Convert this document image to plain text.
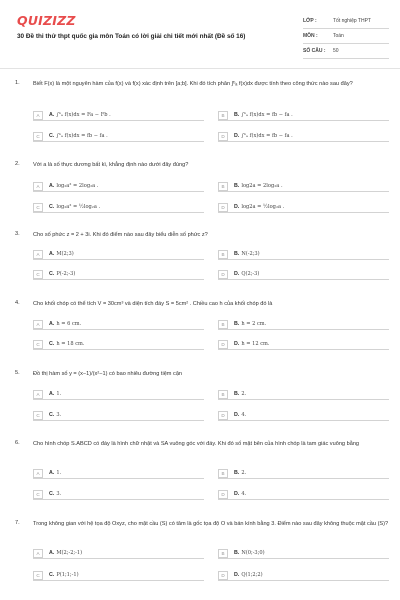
QUIZIZZ
30 Đề thi thử thpt quốc gia môn Toán có lời giải chi tiết mới nhất (Đề số 16)
LỚP :	Tốt nghiệp THPT
MÔN :	Toán
SỐ CÂU :	50
1. Biết F(x) là một nguyên hàm của f(x) và f(x) xác định trên [a;b]. Khi đó tích phân ∫ᵇₐ f(x)dx được tính theo công thức nào sau đây?
A	A. ∫ᵇₐ f(x)dx = Fa − Fb .	B	B. ∫ᵇₐ f(x)dx = fb − fa .
C	C. ∫ᵇₐ f(x)dx = fb − fa .	D	D. ∫ᵇₐ f(x)dx = fb − fa .
2. Với a là số thực dương bất kì, khẳng định nào dưới đây đúng?
A	A. log₂a² = 2log₂a .	B	B. log2a = 2log₂a .
C	C. log₂a² = ½log₂a .	D	D. log2a = ½log₂a .
3. Cho số phức z = 2 + 3i. Khi đó điểm nào sau đây biểu diễn số phức z?
A	A. M(2;3)	B	B. N(-2;3)
C	C. P(-2;-3)	D	D. Q(2;-3)
4. Cho khối chóp có thể tích V = 30cm³ và diện tích đáy S = 5cm² . Chiều cao h của khối chóp đó là
A	A. h = 6 cm.	B	B. h = 2 cm.
C	C. h = 18 cm.	D	D. h = 12 cm.
5. Đồ thị hàm số y = (x−1)/(x²−1) có bao nhiêu đường tiệm cận
A	A. 1.	B	B. 2.
C	C. 3.	D	D. 4.
6. Cho hình chóp S.ABCD có đáy là hình chữ nhật và SA vuông góc với đáy. Khi đó số mặt bên của hình chóp là tam giác vuông bằng
A	A. 1.	B	B. 2.
C	C. 3.	D	D. 4.
7. Trong không gian với hệ tọa độ Oxyz, cho mặt cầu (S) có tâm là gốc tọa độ O và bán kính bằng 3. Điểm nào sau đây không thuộc mặt cầu (S)?
A	A. M(2;-2;-1)	B	B. N(0;-3;0)
C	C. P(1;1;-1)	D	D. Q(1;2;2)
